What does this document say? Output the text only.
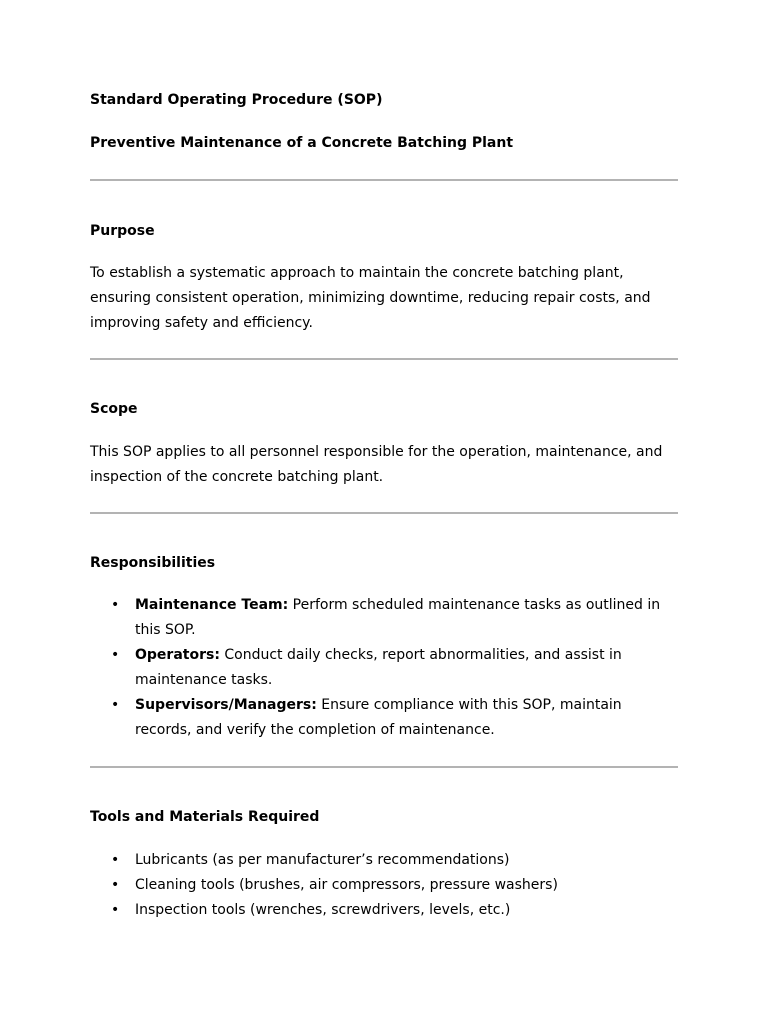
Standard Operating Procedure (SOP)

Preventive Maintenance of a Concrete Batching Plant

Purpose

To establish a systematic approach to maintain the concrete batching plant, ensuring consistent operation, minimizing downtime, reducing repair costs, and improving safety and efficiency.

Scope

This SOP applies to all personnel responsible for the operation, maintenance, and inspection of the concrete batching plant.

Responsibilities

• Maintenance Team: Perform scheduled maintenance tasks as outlined in this SOP.
• Operators: Conduct daily checks, report abnormalities, and assist in maintenance tasks.
• Supervisors/Managers: Ensure compliance with this SOP, maintain records, and verify the completion of maintenance.

Tools and Materials Required

• Lubricants (as per manufacturer’s recommendations)
• Cleaning tools (brushes, air compressors, pressure washers)
• Inspection tools (wrenches, screwdrivers, levels, etc.)
